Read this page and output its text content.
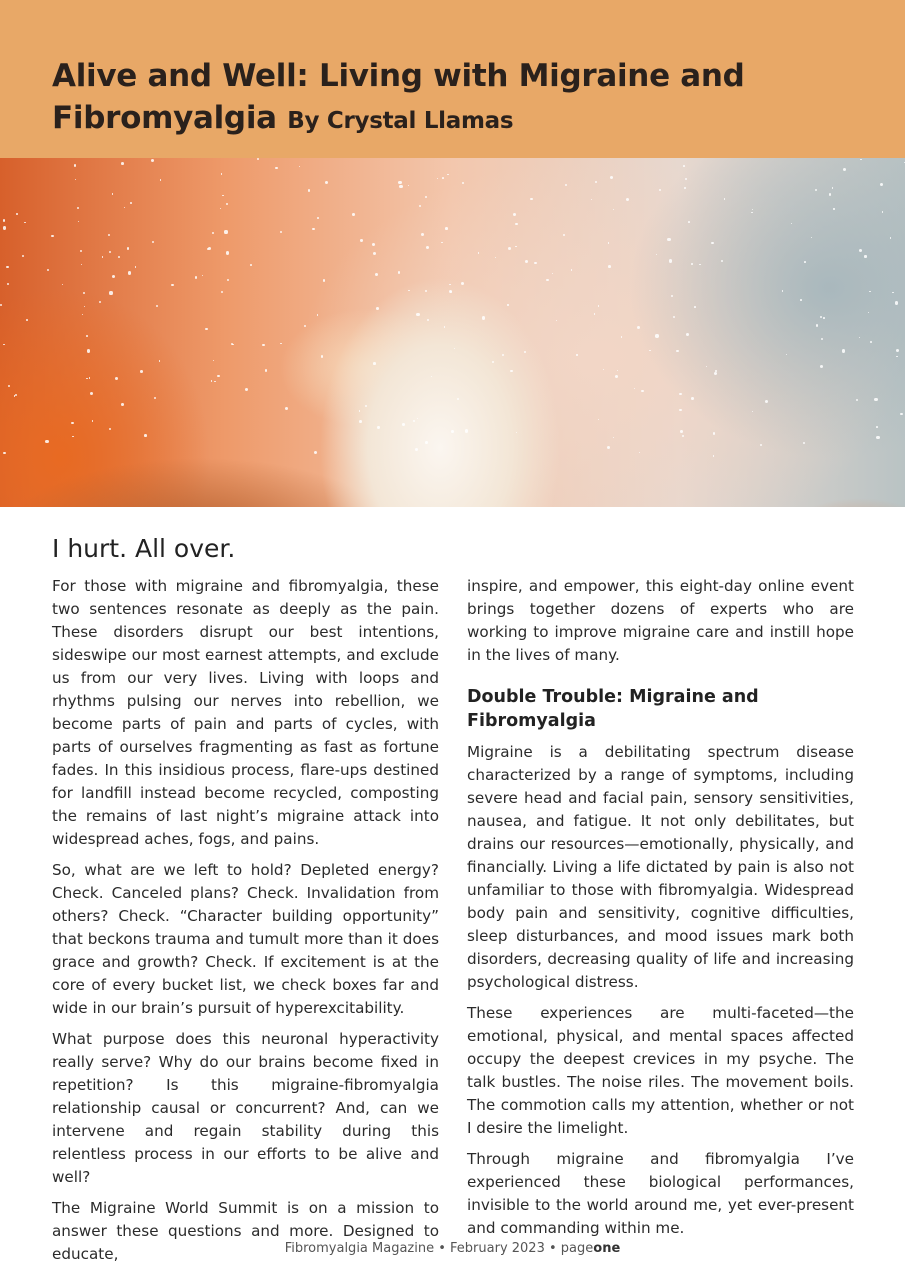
Alive and Well: Living with Migraine and Fibromyalgia By Crystal Llamas
I hurt. All over.

For those with migraine and fibromyalgia, these two sentences resonate as deeply as the pain. These disorders disrupt our best intentions, sideswipe our most earnest attempts, and exclude us from our very lives. Living with loops and rhythms pulsing our nerves into rebellion, we become parts of pain and parts of cycles, with parts of ourselves fragmenting as fast as fortune fades. In this insidious process, flare-ups destined for landfill instead become recycled, composting the remains of last night’s migraine attack into widespread aches, fogs, and pains.

So, what are we left to hold? Depleted energy? Check. Canceled plans? Check. Invalidation from others? Check. “Character building opportunity” that beckons trauma and tumult more than it does grace and growth? Check. If excitement is at the core of every bucket list, we check boxes far and wide in our brain’s pursuit of hyperexcitability.

What purpose does this neuronal hyperactivity really serve? Why do our brains become fixed in repetition? Is this migraine-fibromyalgia relationship causal or concurrent? And, can we intervene and regain stability during this relentless process in our efforts to be alive and well?

The Migraine World Summit is on a mission to answer these questions and more. Designed to educate,

inspire, and empower, this eight-day online event brings together dozens of experts who are working to improve migraine care and instill hope in the lives of many.

Double Trouble: Migraine and Fibromyalgia

Migraine is a debilitating spectrum disease characterized by a range of symptoms, including severe head and facial pain, sensory sensitivities, nausea, and fatigue. It not only debilitates, but drains our resources—emotionally, physically, and financially. Living a life dictated by pain is also not unfamiliar to those with fibromyalgia. Widespread body pain and sensitivity, cognitive difficulties, sleep disturbances, and mood issues mark both disorders, decreasing quality of life and increasing psychological distress.

These experiences are multi-faceted—the emotional, physical, and mental spaces affected occupy the deepest crevices in my psyche. The talk bustles. The noise riles. The movement boils. The commotion calls my attention, whether or not I desire the limelight.

Through migraine and fibromyalgia I’ve experienced these biological performances, invisible to the world around me, yet ever-present and commanding within me.

Fibromyalgia Magazine • February 2023 • pageone
